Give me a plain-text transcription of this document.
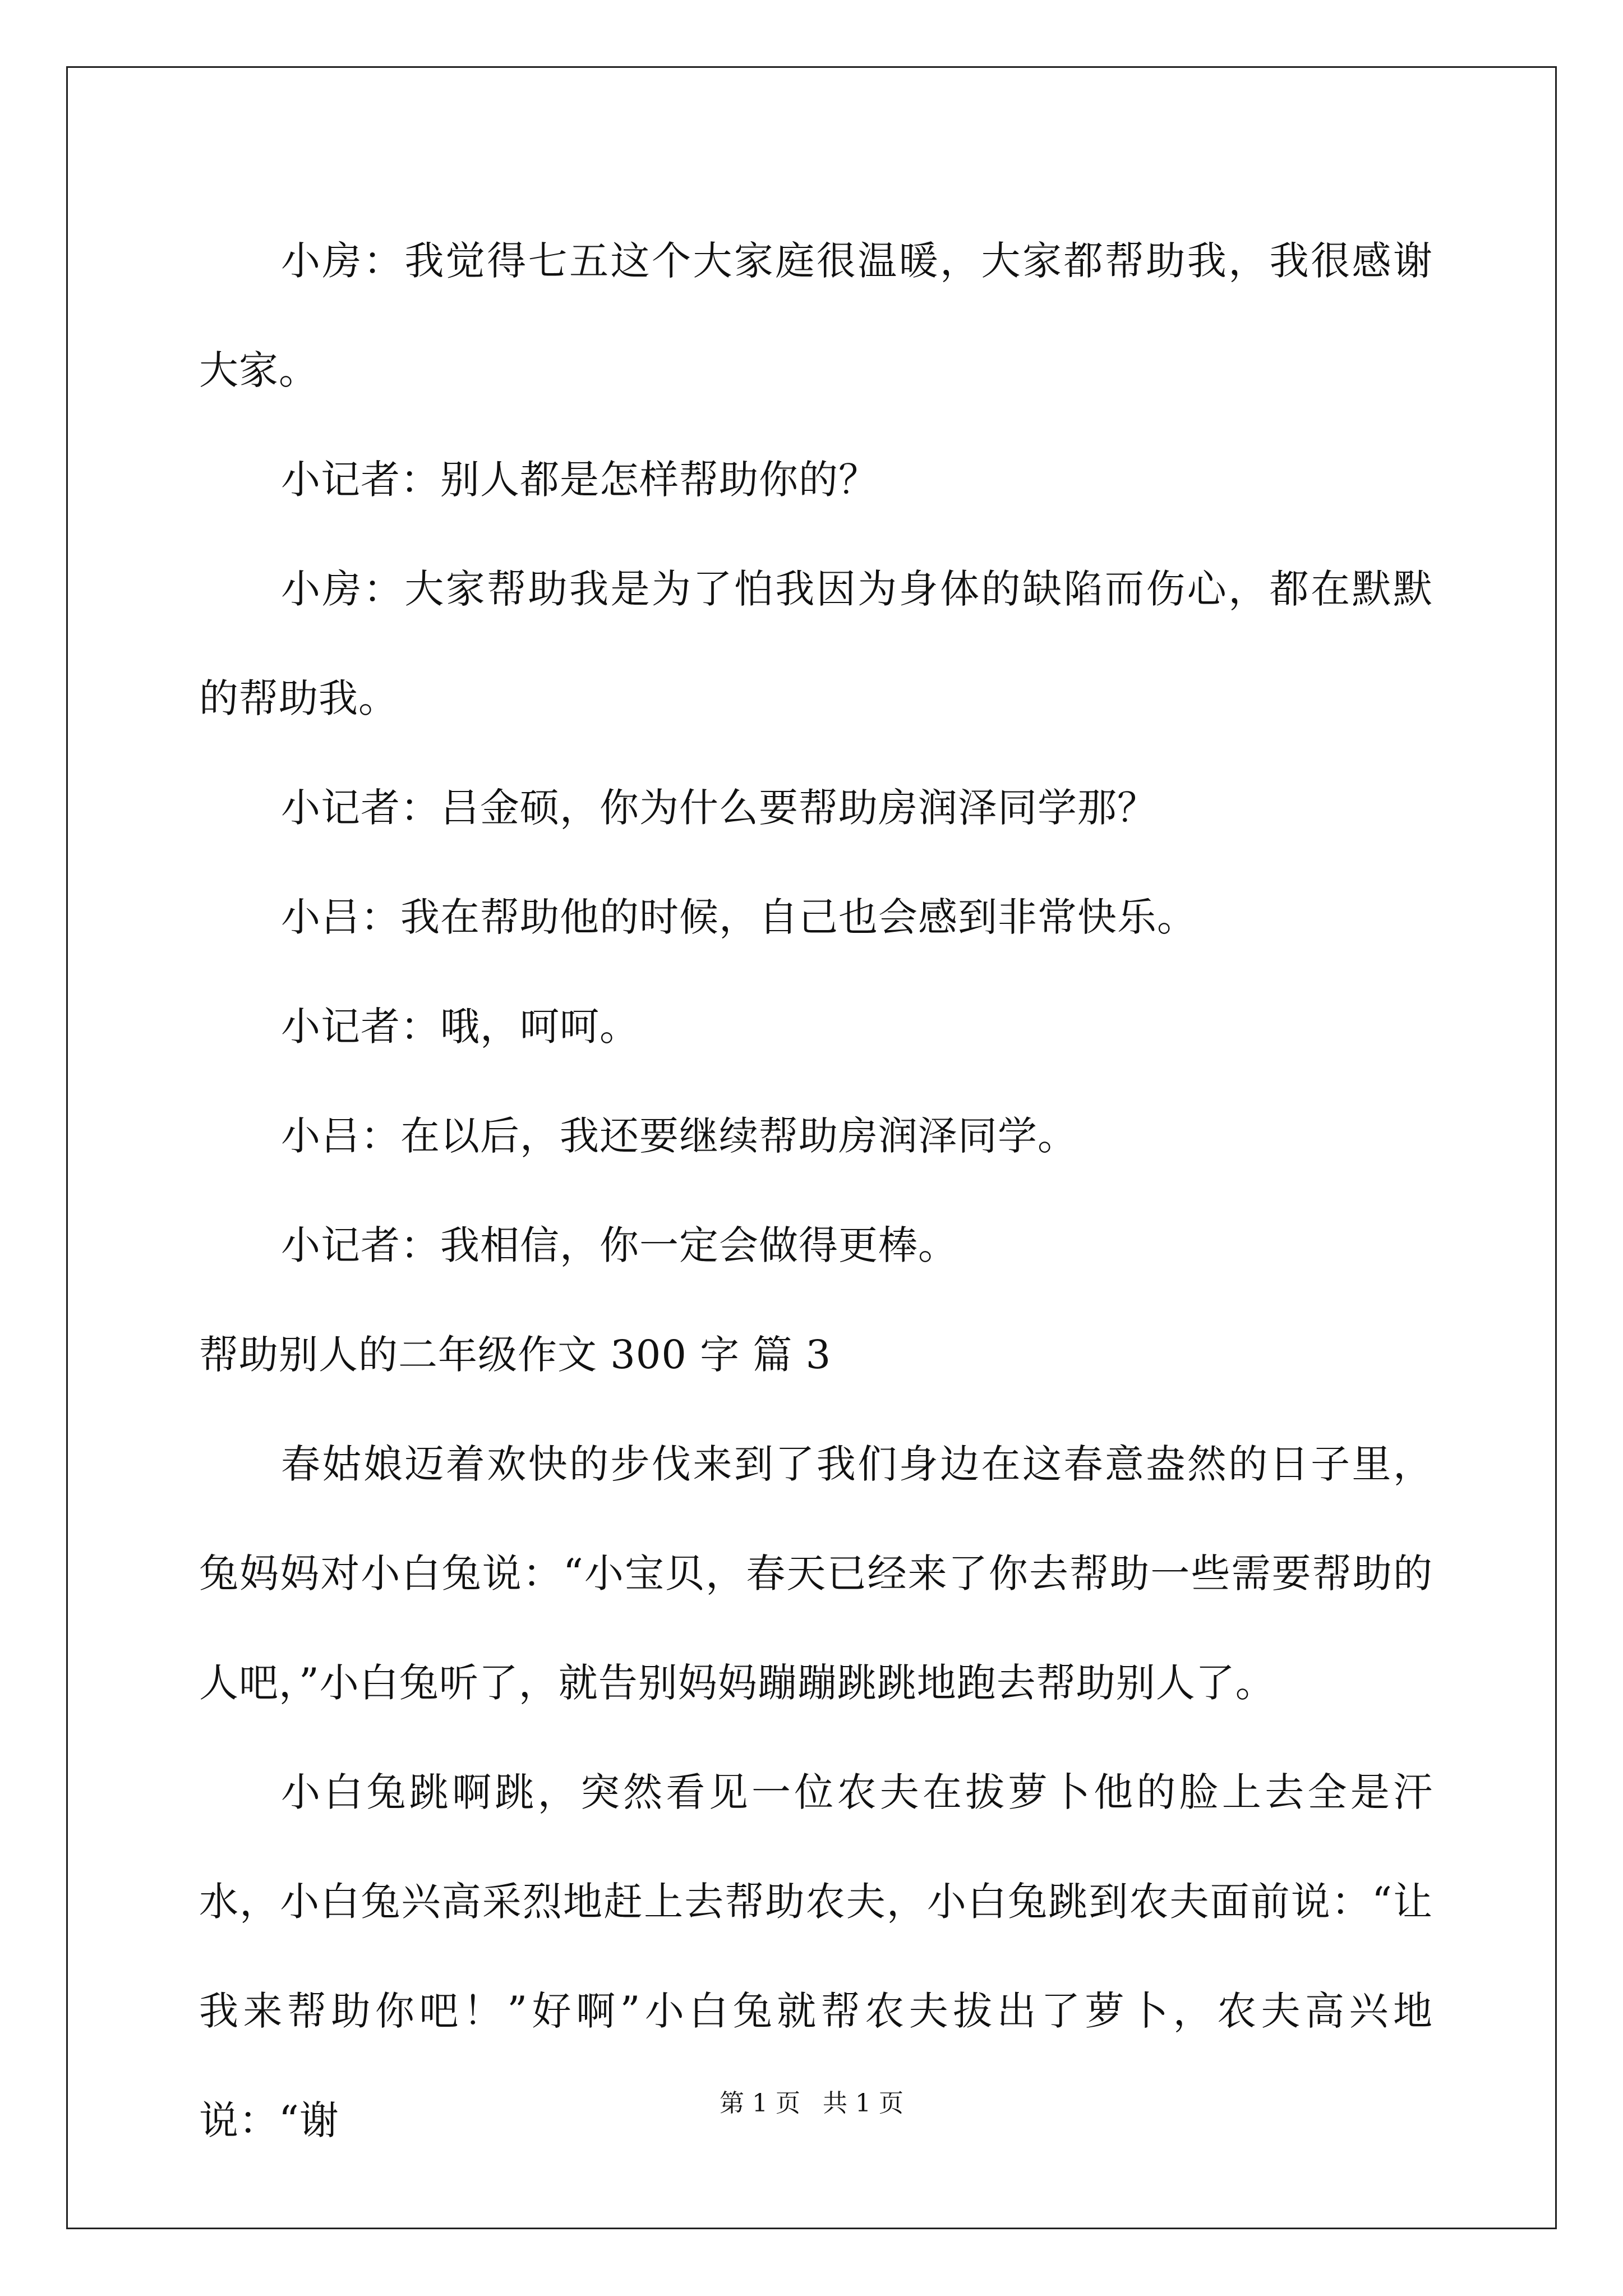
小房：我觉得七五这个大家庭很温暖，大家都帮助我，我很感谢大家。

小记者：别人都是怎样帮助你的？

小房：大家帮助我是为了怕我因为身体的缺陷而伤心，都在默默的帮助我。

小记者：吕金硕，你为什么要帮助房润泽同学那？

小吕：我在帮助他的时候，自己也会感到非常快乐。

小记者：哦，呵呵。

小吕：在以后，我还要继续帮助房润泽同学。

小记者：我相信，你一定会做得更棒。

帮助别人的二年级作文 300 字 篇 3

春姑娘迈着欢快的步伐来到了我们身边在这春意盎然的日子里，兔妈妈对小白兔说：“小宝贝，春天已经来了你去帮助一些需要帮助的人吧，”小白兔听了，就告别妈妈蹦蹦跳跳地跑去帮助别人了。

小白兔跳啊跳，突然看见一位农夫在拔萝卜他的脸上去全是汗水，小白兔兴高采烈地赶上去帮助农夫，小白兔跳到农夫面前说：“让我来帮助你吧！”好啊”小白兔就帮农夫拔出了萝卜，农夫高兴地说：“谢	第 1 页 共 1 页
